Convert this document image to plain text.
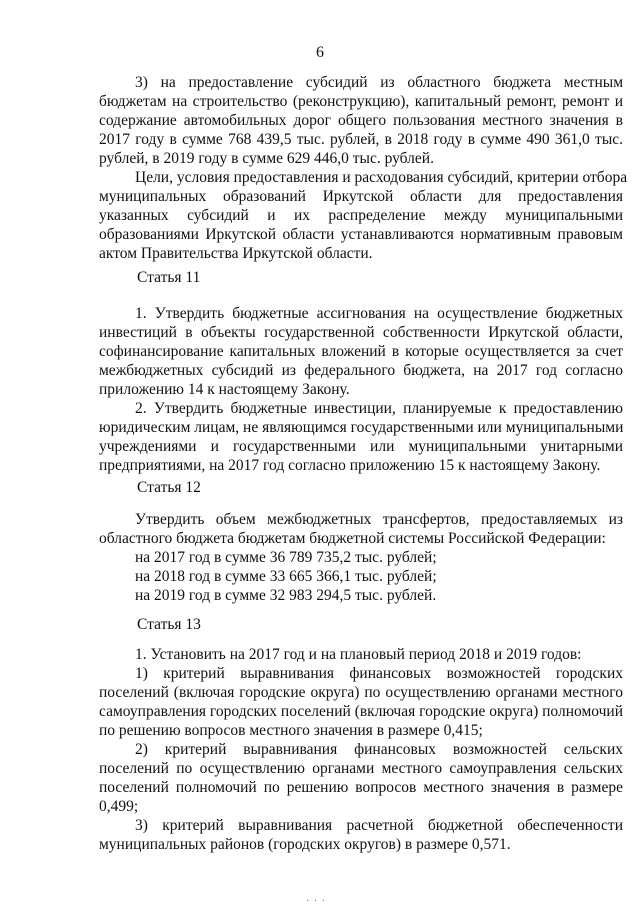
6
3) на предоставление субсидий из областного бюджета местным
бюджетам на строительство (реконструкцию), капитальный ремонт, ремонт и
содержание автомобильных дорог общего пользования местного значения в
2017 году в сумме 768 439,5 тыс. рублей, в 2018 году в сумме 490 361,0 тыс.
рублей, в 2019 году в сумме 629 446,0 тыс. рублей.
Цели, условия предоставления и расходования субсидий, критерии отбора
муниципальных образований Иркутской области для предоставления
указанных субсидий и их распределение между муниципальными
образованиями Иркутской области устанавливаются нормативным правовым
актом Правительства Иркутской области.
Статья 11
1. Утвердить бюджетные ассигнования на осуществление бюджетных
инвестиций в объекты государственной собственности Иркутской области,
софинансирование капитальных вложений в которые осуществляется за счет
межбюджетных субсидий из федерального бюджета, на 2017 год согласно
приложению 14 к настоящему Закону.
2. Утвердить бюджетные инвестиции, планируемые к предоставлению
юридическим лицам, не являющимся государственными или муниципальными
учреждениями и государственными или муниципальными унитарными
предприятиями, на 2017 год согласно приложению 15 к настоящему Закону.
Статья 12
Утвердить объем межбюджетных трансфертов, предоставляемых из
областного бюджета бюджетам бюджетной системы Российской Федерации:
на 2017 год в сумме 36 789 735,2 тыс. рублей;
на 2018 год в сумме 33 665 366,1 тыс. рублей;
на 2019 год в сумме 32 983 294,5 тыс. рублей.
Статья 13
1. Установить на 2017 год и на плановый период 2018 и 2019 годов:
1) критерий выравнивания финансовых возможностей городских
поселений (включая городские округа) по осуществлению органами местного
самоуправления городских поселений (включая городские округа) полномочий
по решению вопросов местного значения в размере 0,415;
2) критерий выравнивания финансовых возможностей сельских
поселений по осуществлению органами местного самоуправления сельских
поселений полномочий по решению вопросов местного значения в размере
0,499;
3) критерий выравнивания расчетной бюджетной обеспеченности
муниципальных районов (городских округов) в размере 0,571.
· · ·
